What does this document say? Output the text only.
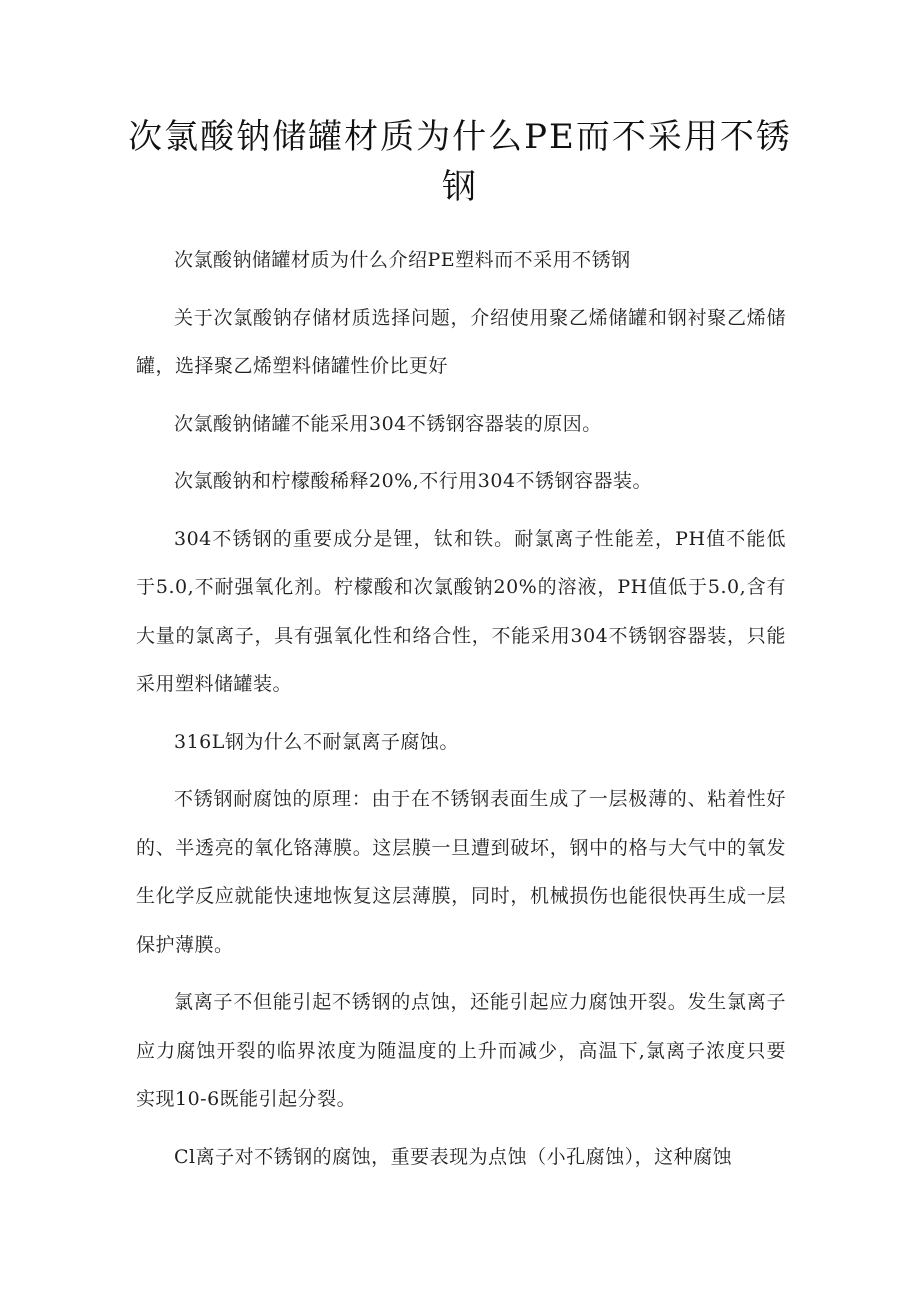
次氯酸钠储罐材质为什么PE而不采用不锈钢

次氯酸钠储罐材质为什么介绍PE塑料而不采用不锈钢

关于次氯酸钠存储材质选择问题，介绍使用聚乙烯储罐和钢衬聚乙烯储罐，选择聚乙烯塑料储罐性价比更好

次氯酸钠储罐不能采用304不锈钢容器装的原因。

次氯酸钠和柠檬酸稀释20%,不行用304不锈钢容器装。

304不锈钢的重要成分是锂，钛和铁。耐氯离子性能差，PH值不能低于5.0,不耐强氧化剂。柠檬酸和次氯酸钠20%的溶液，PH值低于5.0,含有大量的氯离子，具有强氧化性和络合性，不能采用304不锈钢容器装，只能采用塑料储罐装。

316L钢为什么不耐氯离子腐蚀。

不锈钢耐腐蚀的原理：由于在不锈钢表面生成了一层极薄的、粘着性好的、半透亮的氧化铬薄膜。这层膜一旦遭到破坏，钢中的格与大气中的氧发生化学反应就能快速地恢复这层薄膜，同时，机械损伤也能很快再生成一层保护薄膜。

氯离子不但能引起不锈钢的点蚀，还能引起应力腐蚀开裂。发生氯离子应力腐蚀开裂的临界浓度为随温度的上升而减少，高温下,氯离子浓度只要实现10-6既能引起分裂。

Cl离子对不锈钢的腐蚀，重要表现为点蚀（小孔腐蚀），这种腐蚀
